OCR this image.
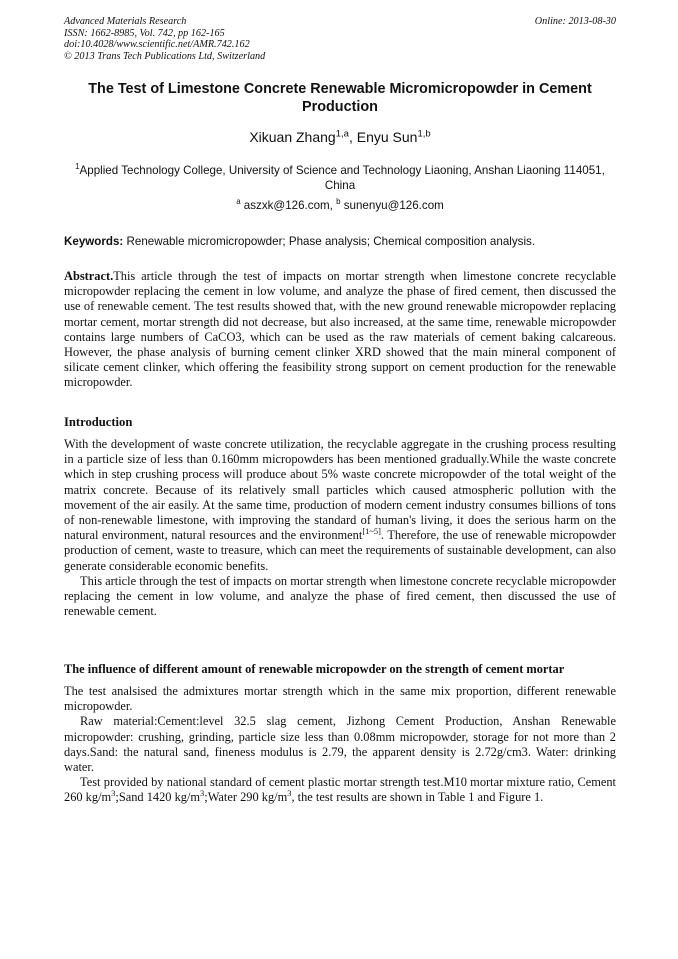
Advanced Materials Research
ISSN: 1662-8985, Vol. 742, pp 162-165
doi:10.4028/www.scientific.net/AMR.742.162
© 2013 Trans Tech Publications Ltd, Switzerland
Online: 2013-08-30
The Test of Limestone Concrete Renewable Micromicropowder in Cement Production
Xikuan Zhang$^{1,a}$, Enyu Sun$^{1,b}$
$^1$Applied Technology College, University of Science and Technology Liaoning, Anshan Liaoning 114051, China
$^a$ aszxk@126.com, $^b$ sunenyu@126.com
Keywords: Renewable micromicropowder; Phase analysis; Chemical composition analysis.
Abstract.This article through the test of impacts on mortar strength when limestone concrete recyclable micropowder replacing the cement in low volume, and analyze the phase of fired cement, then discussed the use of renewable cement. The test results showed that, with the new ground renewable micropowder replacing mortar cement, mortar strength did not decrease, but also increased, at the same time, renewable micropowder contains large numbers of CaCO3, which can be used as the raw materials of cement baking calcareous. However, the phase analysis of burning cement clinker XRD showed that the main mineral component of silicate cement clinker, which offering the feasibility strong support on cement production for the renewable micropowder.
Introduction

With the development of waste concrete utilization, the recyclable aggregate in the crushing process resulting in a particle size of less than 0.160mm micropowders has been mentioned gradually.While the waste concrete which in step crushing process will produce about 5% waste concrete micropowder of the total weight of the matrix concrete. Because of its relatively small particles which caused atmospheric pollution with the movement of the air easily. At the same time, production of modern cement industry consumes billions of tons of non-renewable limestone, with improving the standard of human's living, it does the serious harm on the natural environment, natural resources and the environment[1~5]. Therefore, the use of renewable micropowder production of cement, waste to treasure, which can meet the requirements of sustainable development, can also generate considerable economic benefits.

This article through the test of impacts on mortar strength when limestone concrete recyclable micropowder replacing the cement in low volume, and analyze the phase of fired cement, then discussed the use of renewable cement.

The influence of different amount of renewable micropowder on the strength of cement mortar

The test analsised the admixtures mortar strength which in the same mix proportion, different renewable micropowder.

Raw material:Cement:level 32.5 slag cement, Jizhong Cement Production, Anshan Renewable micropowder: crushing, grinding, particle size less than 0.08mm micropowder, storage for not more than 2 days.Sand: the natural sand, fineness modulus is 2.79, the apparent density is 2.72g/cm3. Water: drinking water.

Test provided by national standard of cement plastic mortar strength test.M10 mortar mixture ratio, Cement 260 $kg/m^3;Sand$ 1420 $kg/m^3;Water$ 290 $kg/m^3$, the test results are shown in Table 1 and Figure 1.
